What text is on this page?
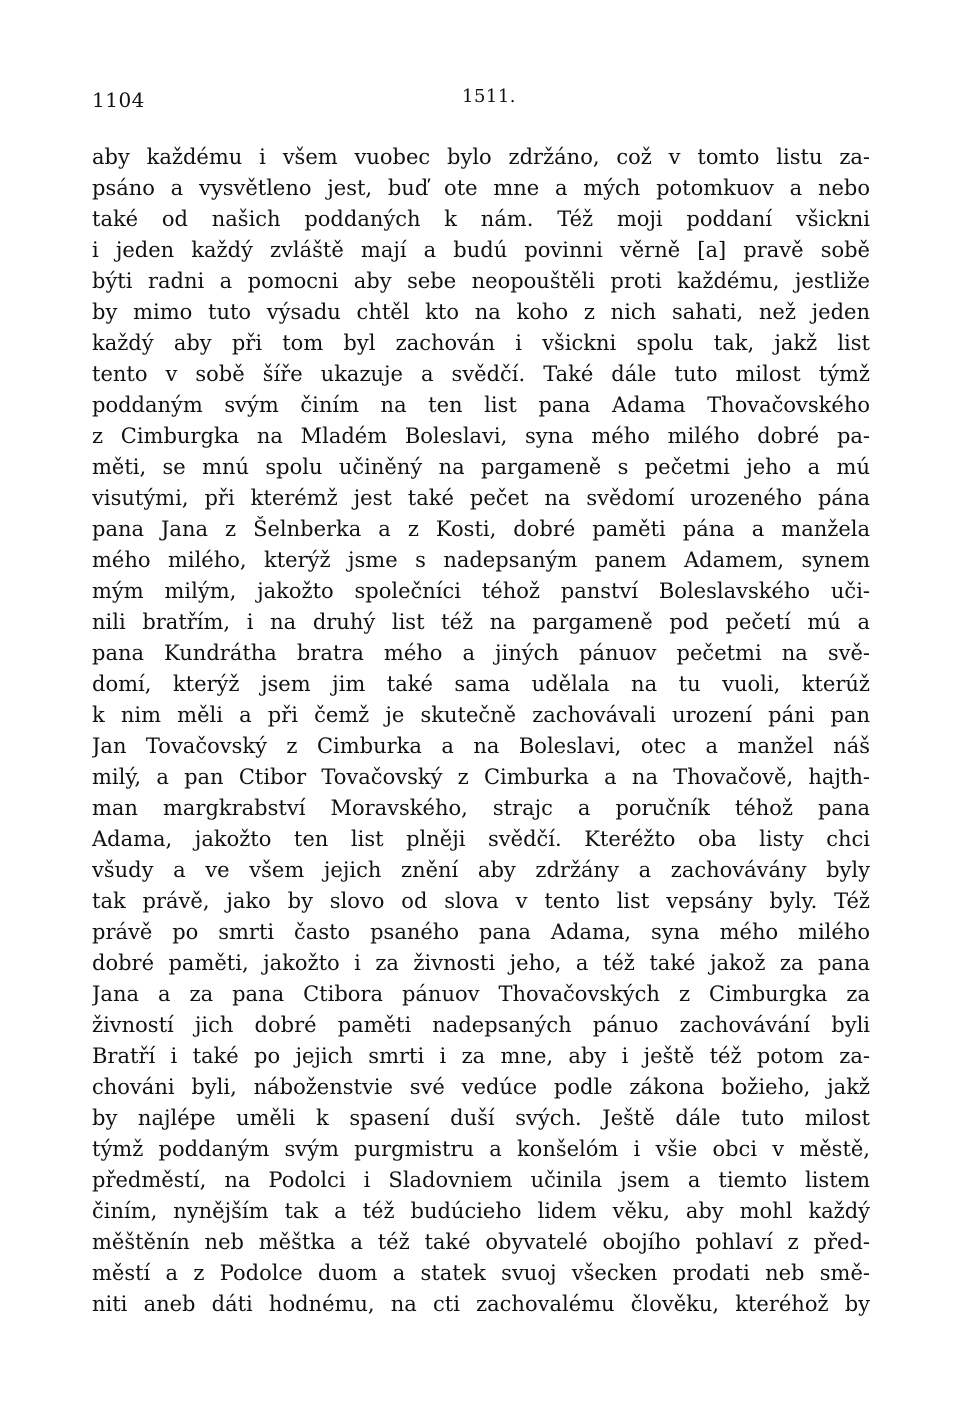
1104	1511.
aby každému i všem vuobec bylo zdržáno, což v tomto listu za-
psáno a vysvětleno jest, buď ote mne a mých potomkuov a nebo
také od našich poddaných k nám. Též moji poddaní všickni
i jeden každý zvláště mají a budú povinni věrně [a] pravě sobě
býti radni a pomocni aby sebe neopouštěli proti každému, jestliže
by mimo tuto výsadu chtěl kto na koho z nich sahati, než jeden
každý aby při tom byl zachován i všickni spolu tak, jakž list
tento v sobě šíře ukazuje a svědčí. Také dále tuto milost týmž
poddaným svým činím na ten list pana Adama Thovačovského
z Cimburgka na Mladém Boleslavi, syna mého milého dobré pa-
měti, se mnú spolu učiněný na pargameně s pečetmi jeho a mú
visutými, při kterémž jest také pečet na svědomí urozeného pána
pana Jana z Šelnberka a z Kosti, dobré paměti pána a manžela
mého milého, kterýž jsme s nadepsaným panem Adamem, synem
mým milým, jakožto společníci téhož panství Boleslavského uči-
nili bratřím, i na druhý list též na pargameně pod pečetí mú a
pana Kundrátha bratra mého a jiných pánuov pečetmi na svě-
domí, kterýž jsem jim také sama udělala na tu vuoli, kterúž
k nim měli a při čemž je skutečně zachovávali urození páni pan
Jan Tovačovský z Cimburka a na Boleslavi, otec a manžel náš
milý, a pan Ctibor Tovačovský z Cimburka a na Thovačově, hajth-
man margkrabství Moravského, strajc a poručník téhož pana
Adama, jakožto ten list plněji svědčí. Kteréžto oba listy chci
všudy a ve všem jejich znění aby zdržány a zachovávány byly
tak právě, jako by slovo od slova v tento list vepsány byly. Též
právě po smrti často psaného pana Adama, syna mého milého
dobré paměti, jakožto i za živnosti jeho, a též také jakož za pana
Jana a za pana Ctibora pánuov Thovačovských z Cimburgka za
živností jich dobré paměti nadepsaných pánuo zachovávání byli
Bratří i také po jejich smrti i za mne, aby i ještě též potom za-
chováni byli, náboženstvie své vedúce podle zákona božieho, jakž
by najlépe uměli k spasení duší svých. Ještě dále tuto milost
týmž poddaným svým purgmistru a konšelóm i všie obci v městě,
předměstí, na Podolci i Sladovniem učinila jsem a tiemto listem
činím, nynějším tak a též budúcieho lidem věku, aby mohl každý
měštěnín neb měštka a též také obyvatelé obojího pohlaví z před-
městí a z Podolce duom a statek svuoj všecken prodati neb smě-
niti aneb dáti hodnému, na cti zachovalému člověku, kteréhož by
